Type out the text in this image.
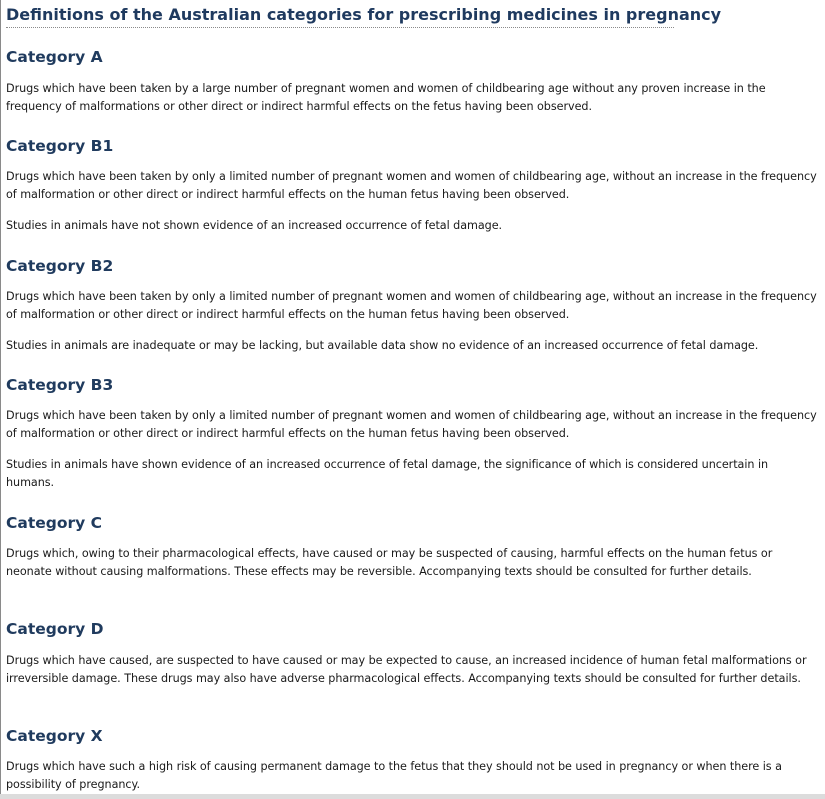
Definitions of the Australian categories for prescribing medicines in pregnancy
Category A
Drugs which have been taken by a large number of pregnant women and women of childbearing age without any proven increase in the frequency of malformations or other direct or indirect harmful effects on the fetus having been observed.
Category B1
Drugs which have been taken by only a limited number of pregnant women and women of childbearing age, without an increase in the frequency of malformation or other direct or indirect harmful effects on the human fetus having been observed.
Studies in animals have not shown evidence of an increased occurrence of fetal damage.
Category B2
Drugs which have been taken by only a limited number of pregnant women and women of childbearing age, without an increase in the frequency of malformation or other direct or indirect harmful effects on the human fetus having been observed.
Studies in animals are inadequate or may be lacking, but available data show no evidence of an increased occurrence of fetal damage.
Category B3
Drugs which have been taken by only a limited number of pregnant women and women of childbearing age, without an increase in the frequency of malformation or other direct or indirect harmful effects on the human fetus having been observed.
Studies in animals have shown evidence of an increased occurrence of fetal damage, the significance of which is considered uncertain in humans.
Category C
Drugs which, owing to their pharmacological effects, have caused or may be suspected of causing, harmful effects on the human fetus or neonate without causing malformations. These effects may be reversible. Accompanying texts should be consulted for further details.
Category D
Drugs which have caused, are suspected to have caused or may be expected to cause, an increased incidence of human fetal malformations or irreversible damage. These drugs may also have adverse pharmacological effects. Accompanying texts should be consulted for further details.
Category X
Drugs which have such a high risk of causing permanent damage to the fetus that they should not be used in pregnancy or when there is a possibility of pregnancy.
